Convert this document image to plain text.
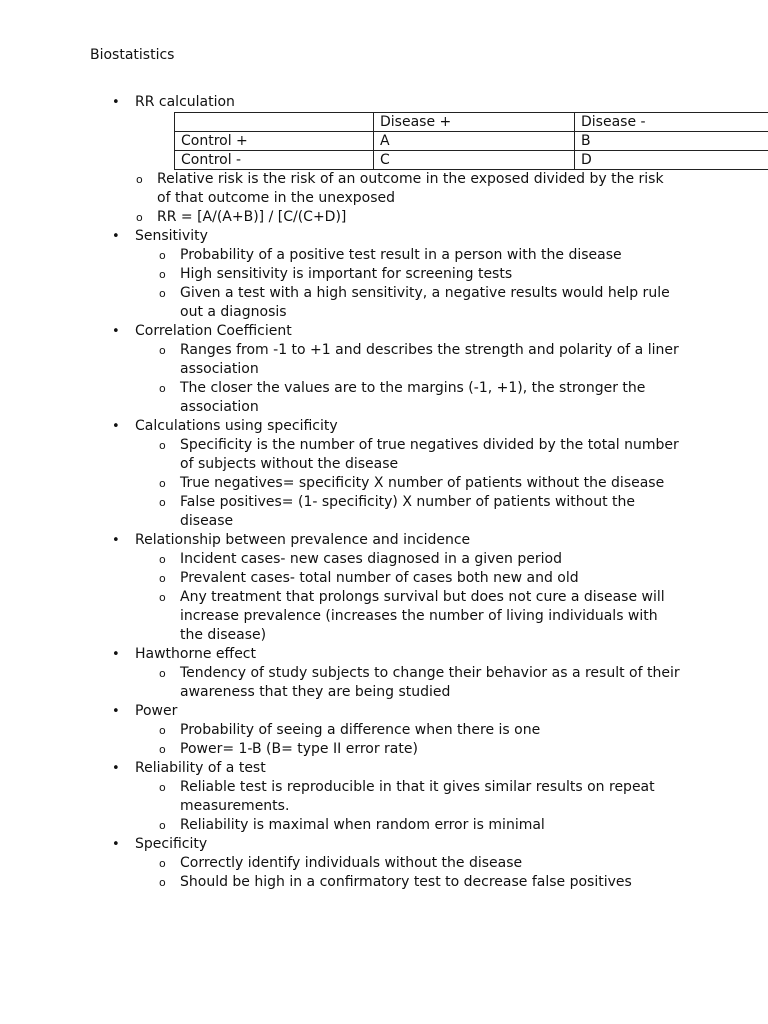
Biostatistics
• RR calculation
	Disease +	Disease -
Control +	A	B
Control -	C	D
o Relative risk is the risk of an outcome in the exposed divided by the risk of that outcome in the unexposed
o RR = [A/(A+B)] / [C/(C+D)]
• Sensitivity
o Probability of a positive test result in a person with the disease
o High sensitivity is important for screening tests
o Given a test with a high sensitivity, a negative results would help rule out a diagnosis
• Correlation Coefficient
o Ranges from -1 to +1 and describes the strength and polarity of a liner association
o The closer the values are to the margins (-1, +1), the stronger the association
• Calculations using specificity
o Specificity is the number of true negatives divided by the total number of subjects without the disease
o True negatives= specificity X number of patients without the disease
o False positives= (1- specificity) X number of patients without the disease
• Relationship between prevalence and incidence
o Incident cases- new cases diagnosed in a given period
o Prevalent cases- total number of cases both new and old
o Any treatment that prolongs survival but does not cure a disease will increase prevalence (increases the number of living individuals with the disease)
• Hawthorne effect
o Tendency of study subjects to change their behavior as a result of their awareness that they are being studied
• Power
o Probability of seeing a difference when there is one
o Power= 1-B (B= type II error rate)
• Reliability of a test
o Reliable test is reproducible in that it gives similar results on repeat measurements.
o Reliability is maximal when random error is minimal
• Specificity
o Correctly identify individuals without the disease
o Should be high in a confirmatory test to decrease false positives
